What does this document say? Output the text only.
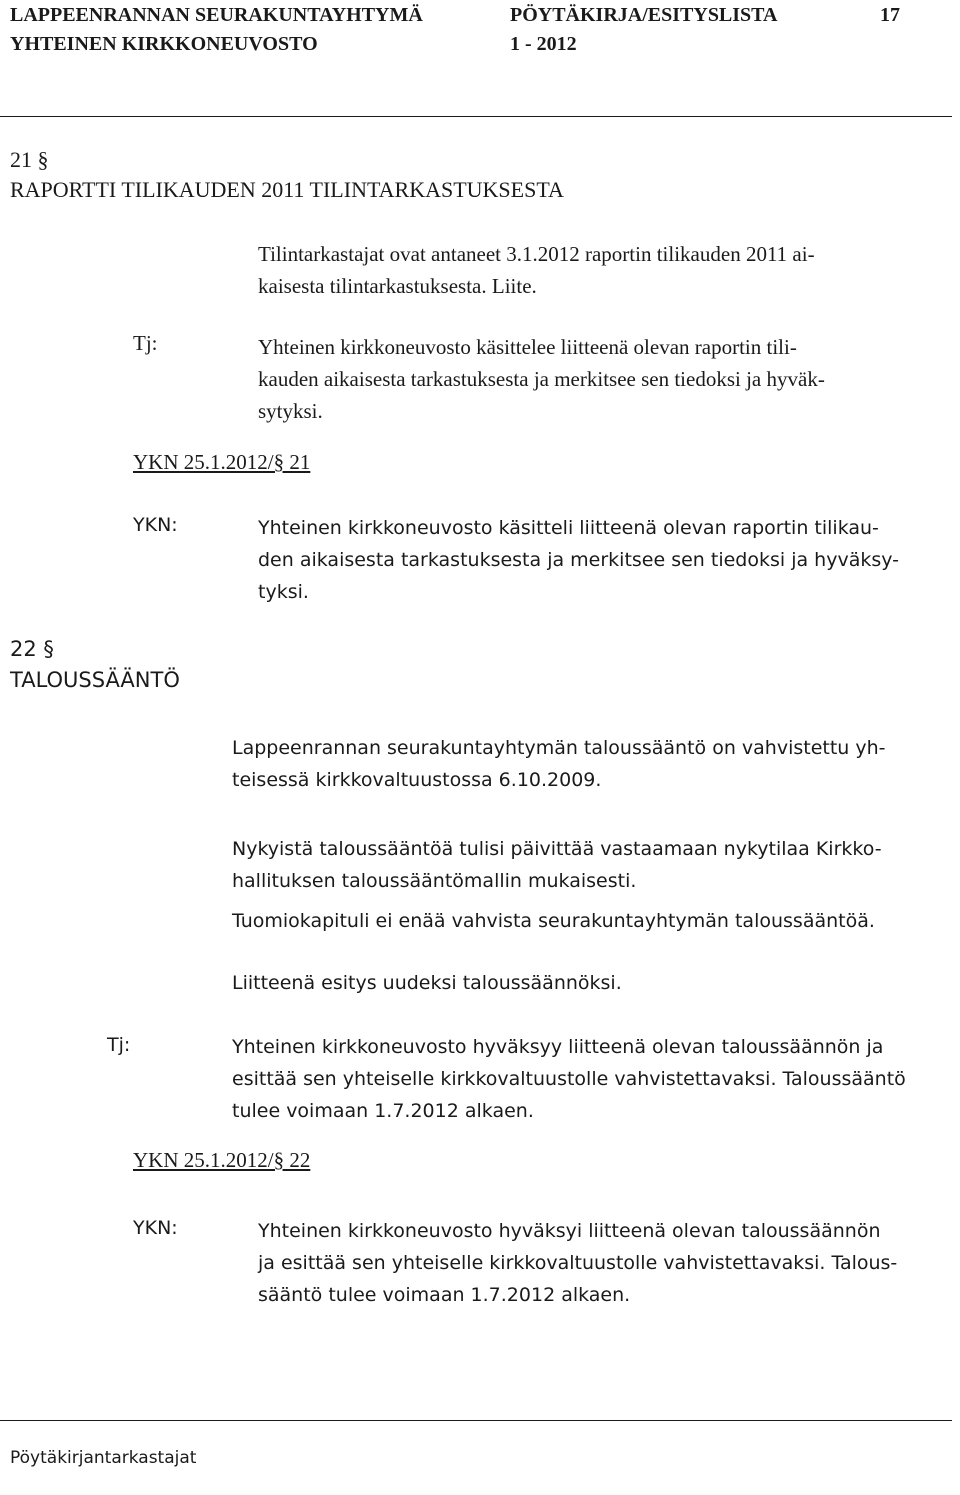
LAPPEENRANNAN SEURAKUNTAYHTYMÄ
YHTEINEN KIRKKONEUVOSTO
PÖYTÄKIRJA/ESITYSLISTA
1 - 2012
17
21 §
RAPORTTI TILIKAUDEN 2011 TILINTARKASTUKSESTA
Tilintarkastajat ovat antaneet 3.1.2012 raportin tilikauden 2011 ai-
kaisesta tilintarkastuksesta. Liite.
Tj:	Yhteinen kirkkoneuvosto käsittelee liitteenä olevan raportin tili-
kauden aikaisesta tarkastuksesta ja merkitsee sen tiedoksi ja hyväk-
sytyksi.
YKN 25.1.2012/§ 21
YKN:	Yhteinen kirkkoneuvosto käsitteli liitteenä olevan raportin tilikau-
den aikaisesta tarkastuksesta ja merkitsee sen tiedoksi ja hyväksy-
tyksi.
22 §
TALOUSSÄÄNTÖ
Lappeenrannan seurakuntayhtymän taloussääntö on vahvistettu yh-
teisessä kirkkovaltuustossa 6.10.2009.
Nykyistä taloussääntöä tulisi päivittää vastaamaan nykytilaa Kirkko-
hallituksen taloussääntömallin mukaisesti.
Tuomiokapituli ei enää vahvista seurakuntayhtymän taloussääntöä.
Liitteenä esitys uudeksi taloussäännöksi.
Tj:	Yhteinen kirkkoneuvosto hyväksyy liitteenä olevan taloussäännön ja
esittää sen yhteiselle kirkkovaltuustolle vahvistettavaksi. Taloussääntö
tulee voimaan 1.7.2012 alkaen.
YKN 25.1.2012/§ 22
YKN:	Yhteinen kirkkoneuvosto hyväksyi liitteenä olevan taloussäännön
ja esittää sen yhteiselle kirkkovaltuustolle vahvistettavaksi. Talous-
sääntö tulee voimaan 1.7.2012 alkaen.
Pöytäkirjantarkastajat
